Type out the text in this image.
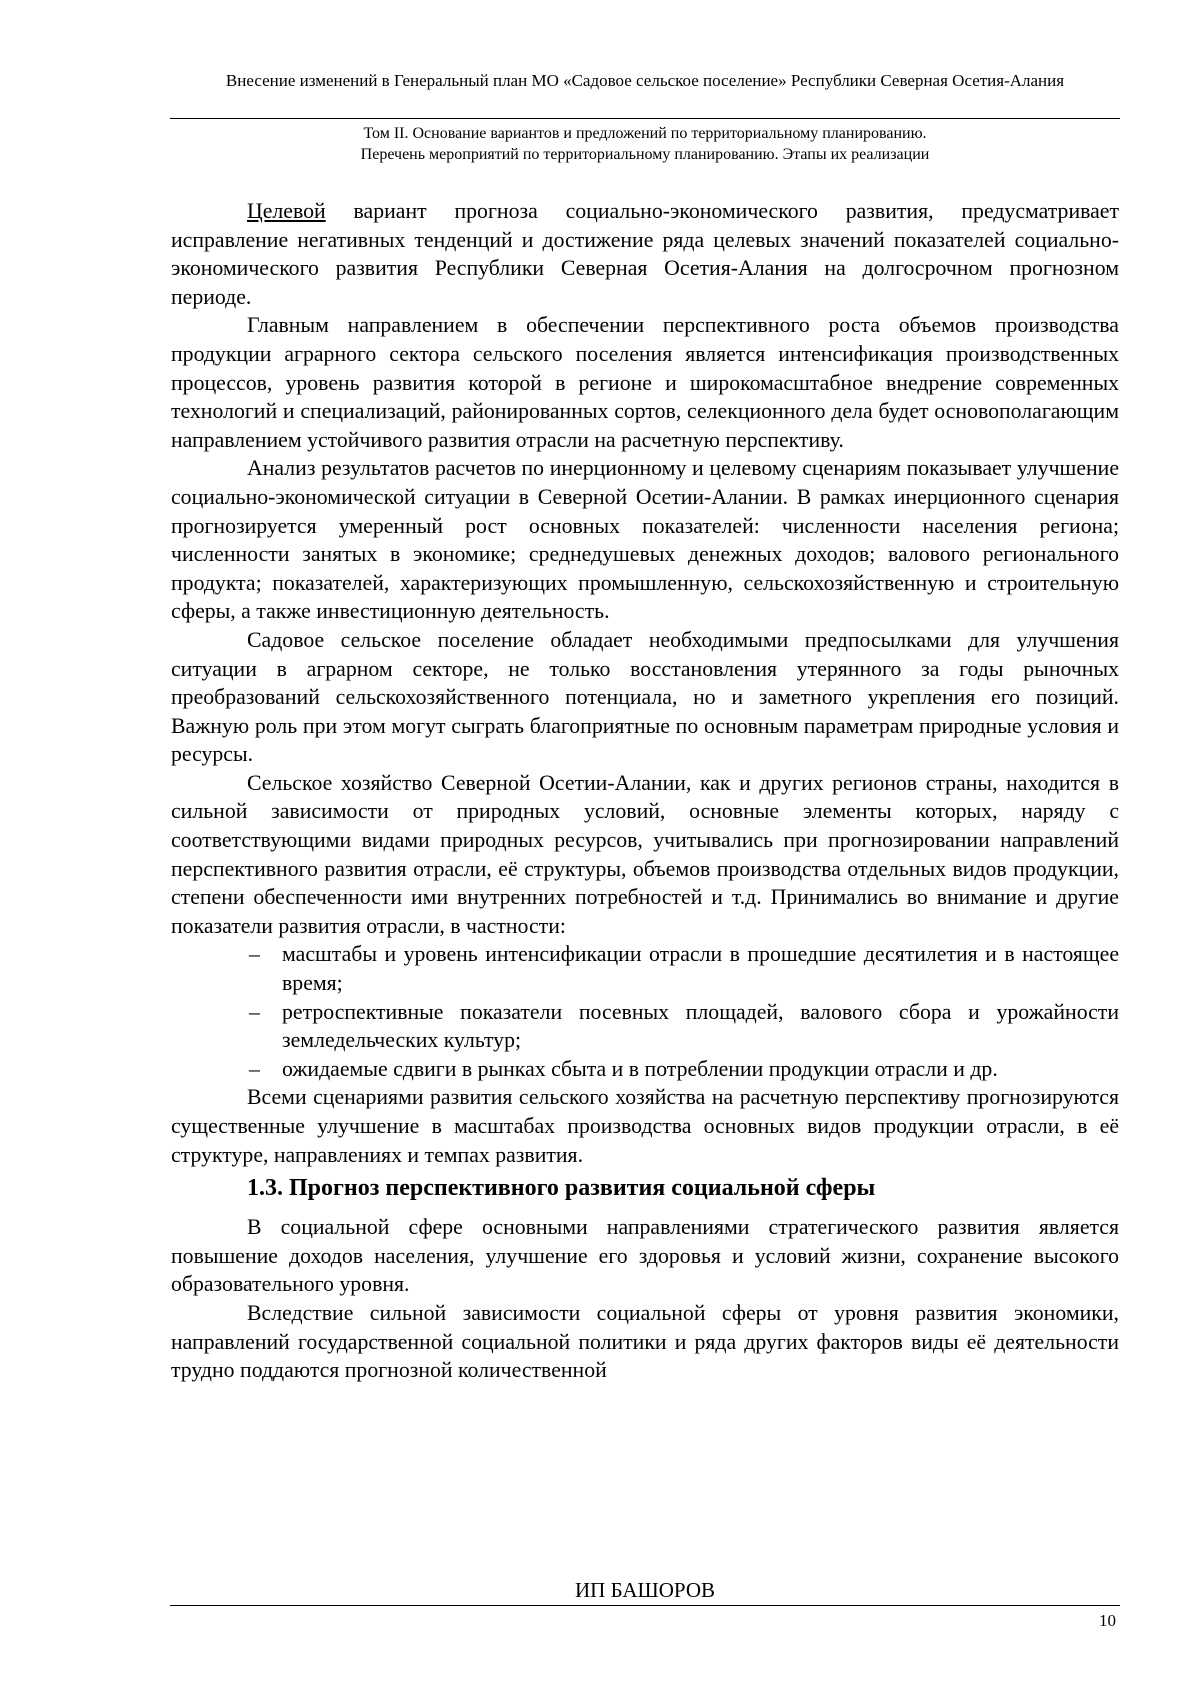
Внесение изменений в Генеральный план МО «Садовое сельское поселение» Республики Северная Осетия-Алания
Том II. Основание вариантов и предложений по территориальному планированию.
Перечень мероприятий по территориальному планированию. Этапы их реализации

Целевой вариант прогноза социально-экономического развития, предусматривает исправление негативных тенденций и достижение ряда целевых значений показателей социально-экономического развития Республики Северная Осетия-Алания на долгосрочном прогнозном периоде.

Главным направлением в обеспечении перспективного роста объемов производства продукции аграрного сектора сельского поселения является интенсификация производственных процессов, уровень развития которой в регионе и широкомасштабное внедрение современных технологий и специализаций, районированных сортов, селекционного дела будет основополагающим направлением устойчивого развития отрасли на расчетную перспективу.

Анализ результатов расчетов по инерционному и целевому сценариям показывает улучшение социально-экономической ситуации в Северной Осетии-Алании. В рамках инерционного сценария прогнозируется умеренный рост основных показателей: численности населения региона; численности занятых в экономике; среднедушевых денежных доходов; валового регионального продукта; показателей, характеризующих промышленную, сельскохозяйственную и строительную сферы, а также инвестиционную деятельность.

Садовое сельское поселение обладает необходимыми предпосылками для улучшения ситуации в аграрном секторе, не только восстановления утерянного за годы рыночных преобразований сельскохозяйственного потенциала, но и заметного укрепления его позиций. Важную роль при этом могут сыграть благоприятные по основным параметрам природные условия и ресурсы.

Сельское хозяйство Северной Осетии-Алании, как и других регионов страны, находится в сильной зависимости от природных условий, основные элементы которых, наряду с соответствующими видами природных ресурсов, учитывались при прогнозировании направлений перспективного развития отрасли, её структуры, объемов производства отдельных видов продукции, степени обеспеченности ими внутренних потребностей и т.д. Принимались во внимание и другие показатели развития отрасли, в частности:

– масштабы и уровень интенсификации отрасли в прошедшие десятилетия и в настоящее время;
– ретроспективные показатели посевных площадей, валового сбора и урожайности земледельческих культур;
– ожидаемые сдвиги в рынках сбыта и в потреблении продукции отрасли и др.

Всеми сценариями развития сельского хозяйства на расчетную перспективу прогнозируются существенные улучшение в масштабах производства основных видов продукции отрасли, в её структуре, направлениях и темпах развития.

1.3. Прогноз перспективного развития социальной сферы

В социальной сфере основными направлениями стратегического развития является повышение доходов населения, улучшение его здоровья и условий жизни, сохранение высокого образовательного уровня.

Вследствие сильной зависимости социальной сферы от уровня развития экономики, направлений государственной социальной политики и ряда других факторов виды её деятельности трудно поддаются прогнозной количественной

ИП БАШОРОВ
10
